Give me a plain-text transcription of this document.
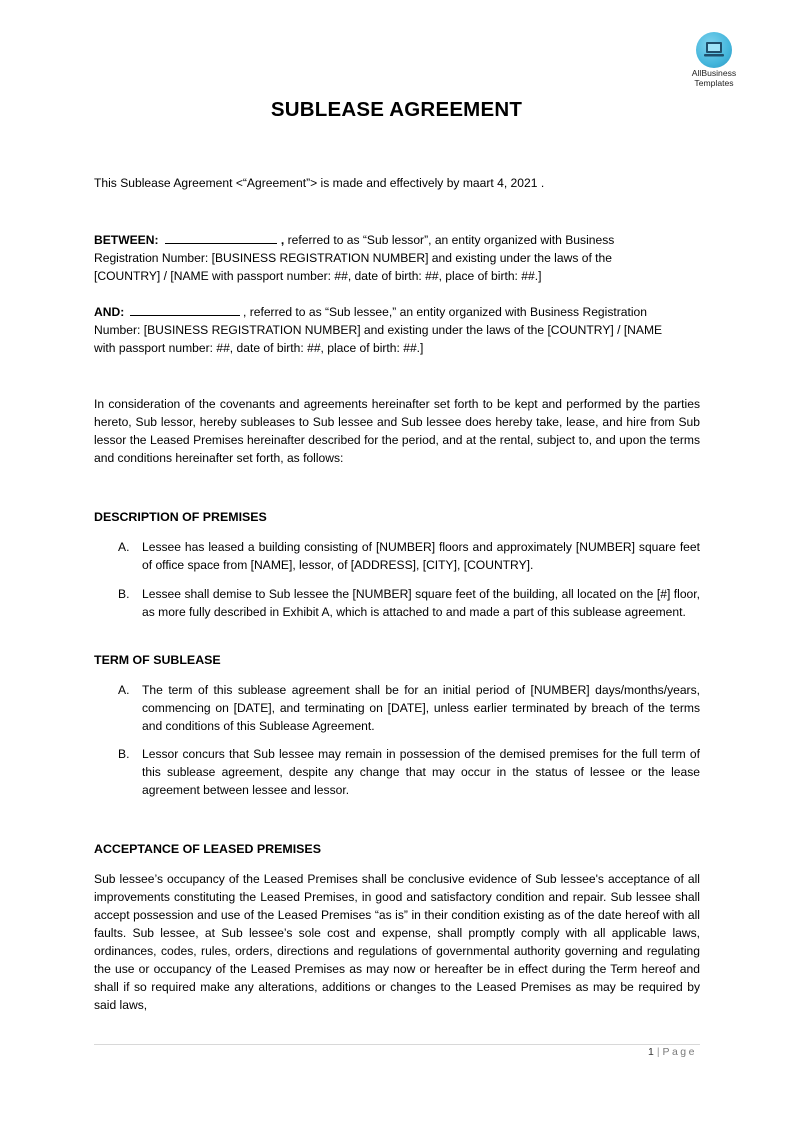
AllBusiness
Templates
SUBLEASE AGREEMENT
This Sublease Agreement <“Agreement”> is made and effectively by maart 4, 2021 .
BETWEEN:	, referred to as “Sub lessor”, an entity organized with Business
Registration Number: [BUSINESS REGISTRATION NUMBER] and existing under the laws of the
[COUNTRY] / [NAME with passport number: ##, date of birth: ##, place of birth: ##.]
AND:	, referred to as “Sub lessee,” an entity organized with Business Registration
Number: [BUSINESS REGISTRATION NUMBER] and existing under the laws of the [COUNTRY] / [NAME
with passport number: ##, date of birth: ##, place of birth: ##.]
In consideration of the covenants and agreements hereinafter set forth to be kept and performed by the parties hereto, Sub lessor, hereby subleases to Sub lessee and Sub lessee does hereby take, lease, and hire from Sub lessor the Leased Premises hereinafter described for the period, and at the rental, subject to, and upon the terms and conditions hereinafter set forth, as follows:
DESCRIPTION OF PREMISES
A. Lessee has leased a building consisting of [NUMBER] floors and approximately [NUMBER] square feet of office space from [NAME], lessor, of [ADDRESS], [CITY], [COUNTRY].
B. Lessee shall demise to Sub lessee the [NUMBER] square feet of the building, all located on the [#] floor, as more fully described in Exhibit A, which is attached to and made a part of this sublease agreement.
TERM OF SUBLEASE
A. The term of this sublease agreement shall be for an initial period of [NUMBER] days/months/years, commencing on [DATE], and terminating on [DATE], unless earlier terminated by breach of the terms and conditions of this Sublease Agreement.
B. Lessor concurs that Sub lessee may remain in possession of the demised premises for the full term of this sublease agreement, despite any change that may occur in the status of lessee or the lease agreement between lessee and lessor.
ACCEPTANCE OF LEASED PREMISES
Sub lessee’s occupancy of the Leased Premises shall be conclusive evidence of Sub lessee's acceptance of all improvements constituting the Leased Premises, in good and satisfactory condition and repair. Sub lessee shall accept possession and use of the Leased Premises “as is” in their condition existing as of the date hereof with all faults. Sub lessee, at Sub lessee’s sole cost and expense, shall promptly comply with all applicable laws, ordinances, codes, rules, orders, directions and regulations of governmental authority governing and regulating the use or occupancy of the Leased Premises as may now or hereafter be in effect during the Term hereof and shall if so required make any alterations, additions or changes to the Leased Premises as may be required by said laws,
1 | Page
